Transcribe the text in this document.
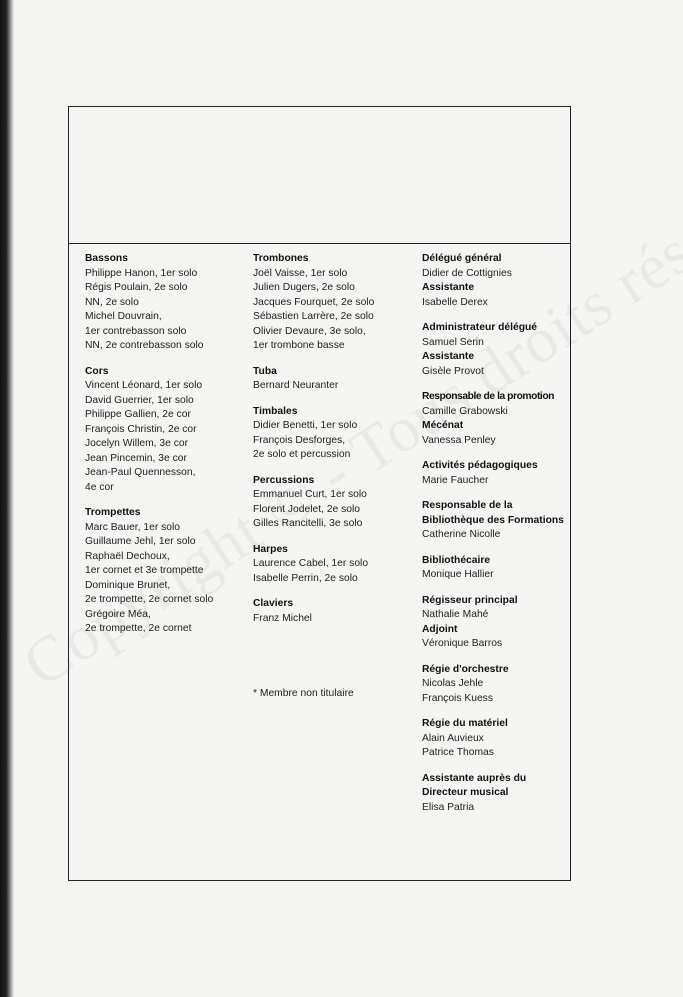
Bassons
Philippe Hanon, 1er solo
Régis Poulain, 2e solo
NN, 2e solo
Michel Douvrain,
1er contrebasson solo
NN, 2e contrebasson solo
Cors
Vincent Léonard, 1er solo
David Guerrier, 1er solo
Philippe Gallien, 2e cor
François Christin, 2e cor
Jocelyn Willem, 3e cor
Jean Pincemin, 3e cor
Jean-Paul Quennesson,
4e cor
Trompettes
Marc Bauer, 1er solo
Guillaume Jehl, 1er solo
Raphaël Dechoux,
1er cornet et 3e trompette
Dominique Brunet,
2e trompette, 2e cornet solo
Grégoire Méa,
2e trompette, 2e cornet
Trombones
Joël Vaisse, 1er solo
Julien Dugers, 2e solo
Jacques Fourquet, 2e solo
Sébastien Larrère, 2e solo
Olivier Devaure, 3e solo,
1er trombone basse
Tuba
Bernard Neuranter
Timbales
Didier Benetti, 1er solo
François Desforges,
2e solo et percussion
Percussions
Emmanuel Curt, 1er solo
Florent Jodelet, 2e solo
Gilles Rancitelli, 3e solo
Harpes
Laurence Cabel, 1er solo
Isabelle Perrin, 2e solo
Claviers
Franz Michel
* Membre non titulaire
Délégué général
Didier de Cottignies
Assistante
Isabelle Derex
Administrateur délégué
Samuel Serin
Assistante
Gisèle Provot
Responsable de la promotion
Camille Grabowski
Mécénat
Vanessa Penley
Activités pédagogiques
Marie Faucher
Responsable de la Bibliothèque des Formations
Catherine Nicolle
Bibliothécaire
Monique Hallier
Régisseur principal
Nathalie Mahé
Adjoint
Véronique Barros
Régie d'orchestre
Nicolas Jehle
François Kuess
Régie du matériel
Alain Auvieux
Patrice Thomas
Assistante auprès du Directeur musical
Elisa Patria
